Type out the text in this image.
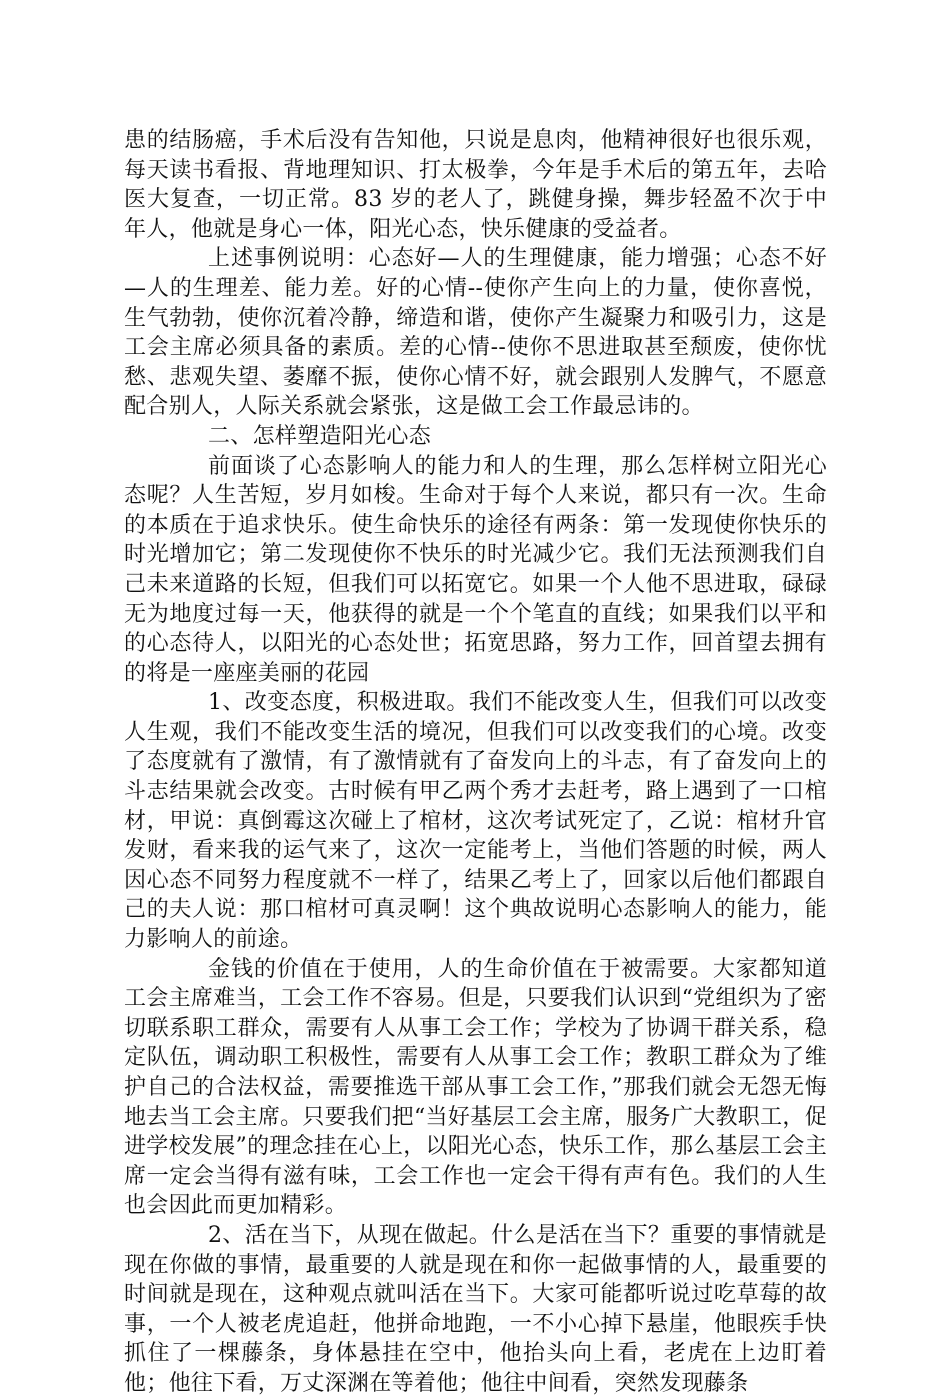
患的结肠癌，手术后没有告知他，只说是息肉，他精神很好也很乐观，每天读书看报、背地理知识、打太极拳，今年是手术后的第五年，去哈医大复查，一切正常。83 岁的老人了，跳健身操，舞步轻盈不次于中年人，他就是身心一体，阳光心态，快乐健康的受益者。

上述事例说明：心态好—人的生理健康，能力增强；心态不好—人的生理差、能力差。好的心情--使你产生向上的力量，使你喜悦，生气勃勃，使你沉着冷静，缔造和谐，使你产生凝聚力和吸引力，这是工会主席必须具备的素质。差的心情--使你不思进取甚至颓废，使你忧愁、悲观失望、萎靡不振，使你心情不好，就会跟别人发脾气，不愿意配合别人，人际关系就会紧张，这是做工会工作最忌讳的。

二、怎样塑造阳光心态

前面谈了心态影响人的能力和人的生理，那么怎样树立阳光心态呢？人生苦短，岁月如梭。生命对于每个人来说，都只有一次。生命的本质在于追求快乐。使生命快乐的途径有两条：第一发现使你快乐的时光增加它；第二发现使你不快乐的时光减少它。我们无法预测我们自己未来道路的长短，但我们可以拓宽它。如果一个人他不思进取，碌碌无为地度过每一天，他获得的就是一个个笔直的直线；如果我们以平和的心态待人，以阳光的心态处世；拓宽思路，努力工作，回首望去拥有的将是一座座美丽的花园

1、改变态度，积极进取。我们不能改变人生，但我们可以改变人生观，我们不能改变生活的境况，但我们可以改变我们的心境。改变了态度就有了激情，有了激情就有了奋发向上的斗志，有了奋发向上的斗志结果就会改变。古时候有甲乙两个秀才去赶考，路上遇到了一口棺材，甲说：真倒霉这次碰上了棺材，这次考试死定了，乙说：棺材升官发财，看来我的运气来了，这次一定能考上，当他们答题的时候，两人因心态不同努力程度就不一样了，结果乙考上了，回家以后他们都跟自己的夫人说：那口棺材可真灵啊！这个典故说明心态影响人的能力，能力影响人的前途。

金钱的价值在于使用，人的生命价值在于被需要。大家都知道工会主席难当，工会工作不容易。但是，只要我们认识到“党组织为了密切联系职工群众，需要有人从事工会工作；学校为了协调干群关系，稳定队伍，调动职工积极性，需要有人从事工会工作；教职工群众为了维护自己的合法权益，需要推选干部从事工会工作，”那我们就会无怨无悔地去当工会主席。只要我们把“当好基层工会主席，服务广大教职工，促进学校发展”的理念挂在心上，以阳光心态，快乐工作，那么基层工会主席一定会当得有滋有味，工会工作也一定会干得有声有色。我们的人生也会因此而更加精彩。

2、活在当下，从现在做起。什么是活在当下？重要的事情就是现在你做的事情，最重要的人就是现在和你一起做事情的人，最重要的时间就是现在，这种观点就叫活在当下。大家可能都听说过吃草莓的故事，一个人被老虎追赶，他拼命地跑，一不小心掉下悬崖，他眼疾手快抓住了一棵藤条，身体悬挂在空中，他抬头向上看，老虎在上边盯着他；他往下看，万丈深渊在等着他；他往中间看，突然发现藤条
